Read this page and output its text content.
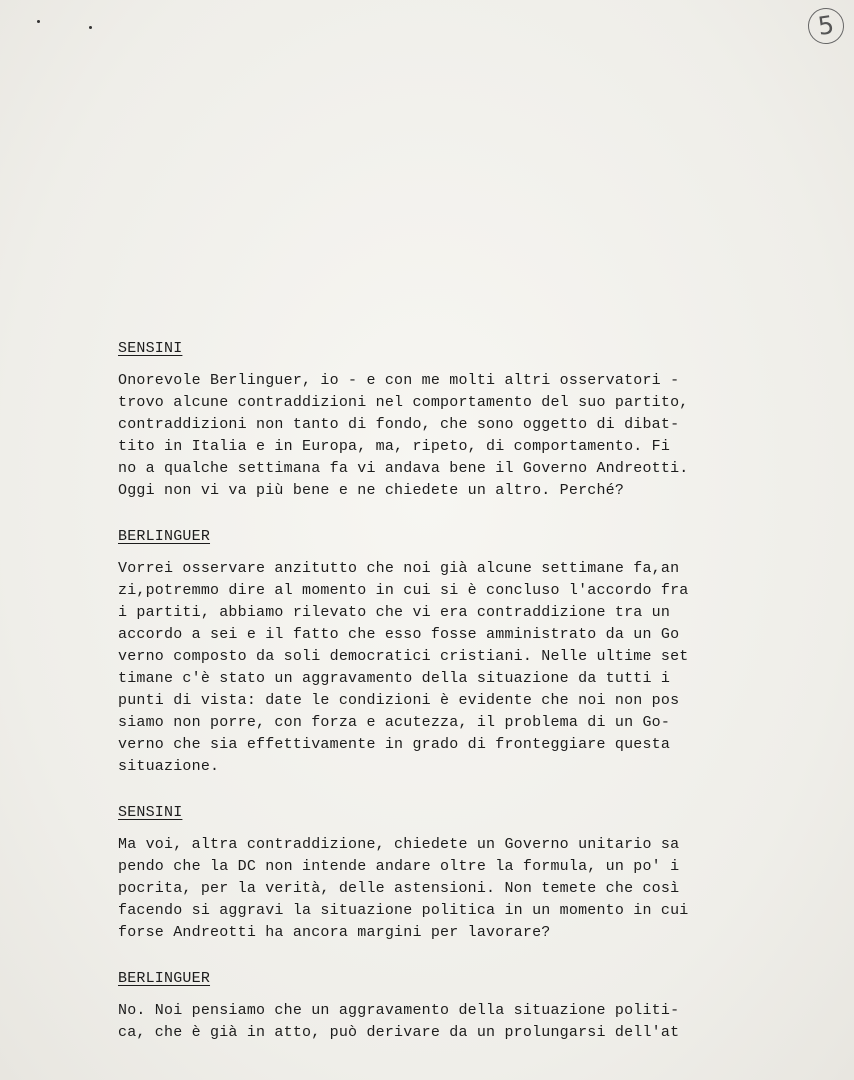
5
SENSINI
Onorevole Berlinguer, io - e con me molti altri osservatori -
trovo alcune contraddizioni nel comportamento del suo partito,
contraddizioni non tanto di fondo, che sono oggetto di dibat-
tito in Italia e in Europa, ma, ripeto, di comportamento. Fi
no a qualche settimana fa vi andava bene il Governo Andreotti.
Oggi non vi va più bene e ne chiedete un altro. Perché?
BERLINGUER
Vorrei osservare anzitutto che noi già alcune settimane fa,an
zi,potremmo dire al momento in cui si è concluso l'accordo fra
i partiti, abbiamo rilevato che vi era contraddizione tra un
accordo a sei e il fatto che esso fosse amministrato da un Go
verno composto da soli democratici cristiani. Nelle ultime set
timane c'è stato un aggravamento della situazione da tutti i
punti di vista: date le condizioni è evidente che noi non pos
siamo non porre, con forza e acutezza, il problema di un Go-
verno che sia effettivamente in grado di fronteggiare questa
situazione.
SENSINI
Ma voi, altra contraddizione, chiedete un Governo unitario sa
pendo che la DC non intende andare oltre la formula, un po' i
pocrita, per la verità, delle astensioni. Non temete che così
facendo si aggravi la situazione politica in un momento in cui
forse Andreotti ha ancora margini per lavorare?
BERLINGUER
No. Noi pensiamo che un aggravamento della situazione politi-
ca, che è già in atto, può derivare da un prolungarsi dell'at
